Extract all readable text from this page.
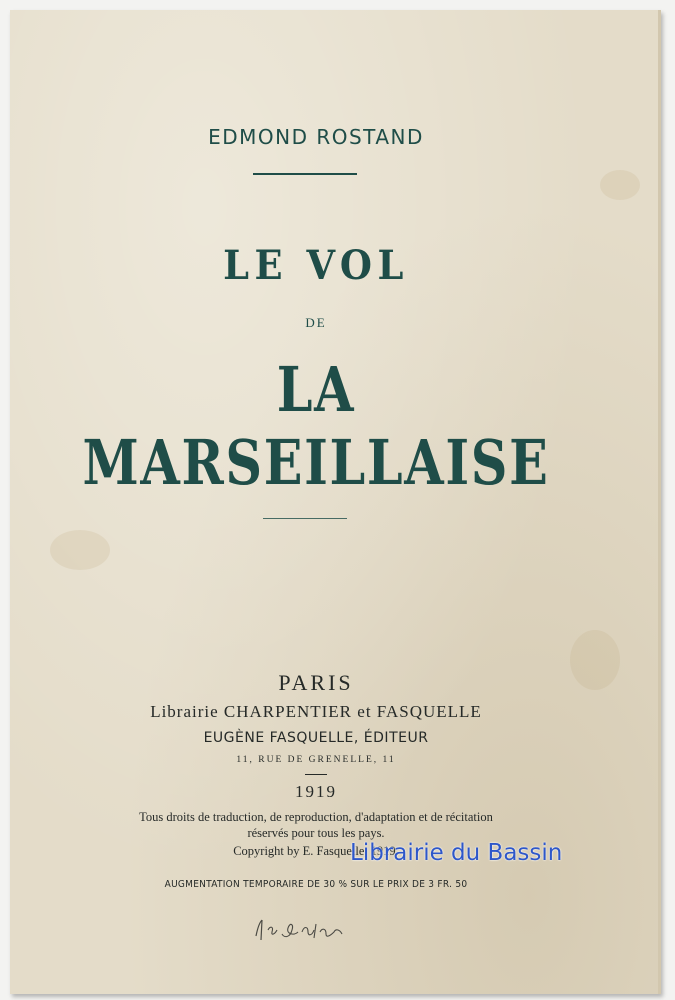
EDMOND ROSTAND
LE VOL
DE
LA MARSEILLAISE
PARIS
Librairie CHARPENTIER et FASQUELLE
EUGÈNE FASQUELLE, ÉDITEUR
11, RUE DE GRENELLE, 11
1919
Tous droits de traduction, de reproduction, d'adaptation et de récitation
réservés pour tous les pays.
Copyright by E. Fasquelle, 1919.
AUGMENTATION TEMPORAIRE DE 30 % SUR LE PRIX DE 3 FR. 50
Librairie du Bassin
